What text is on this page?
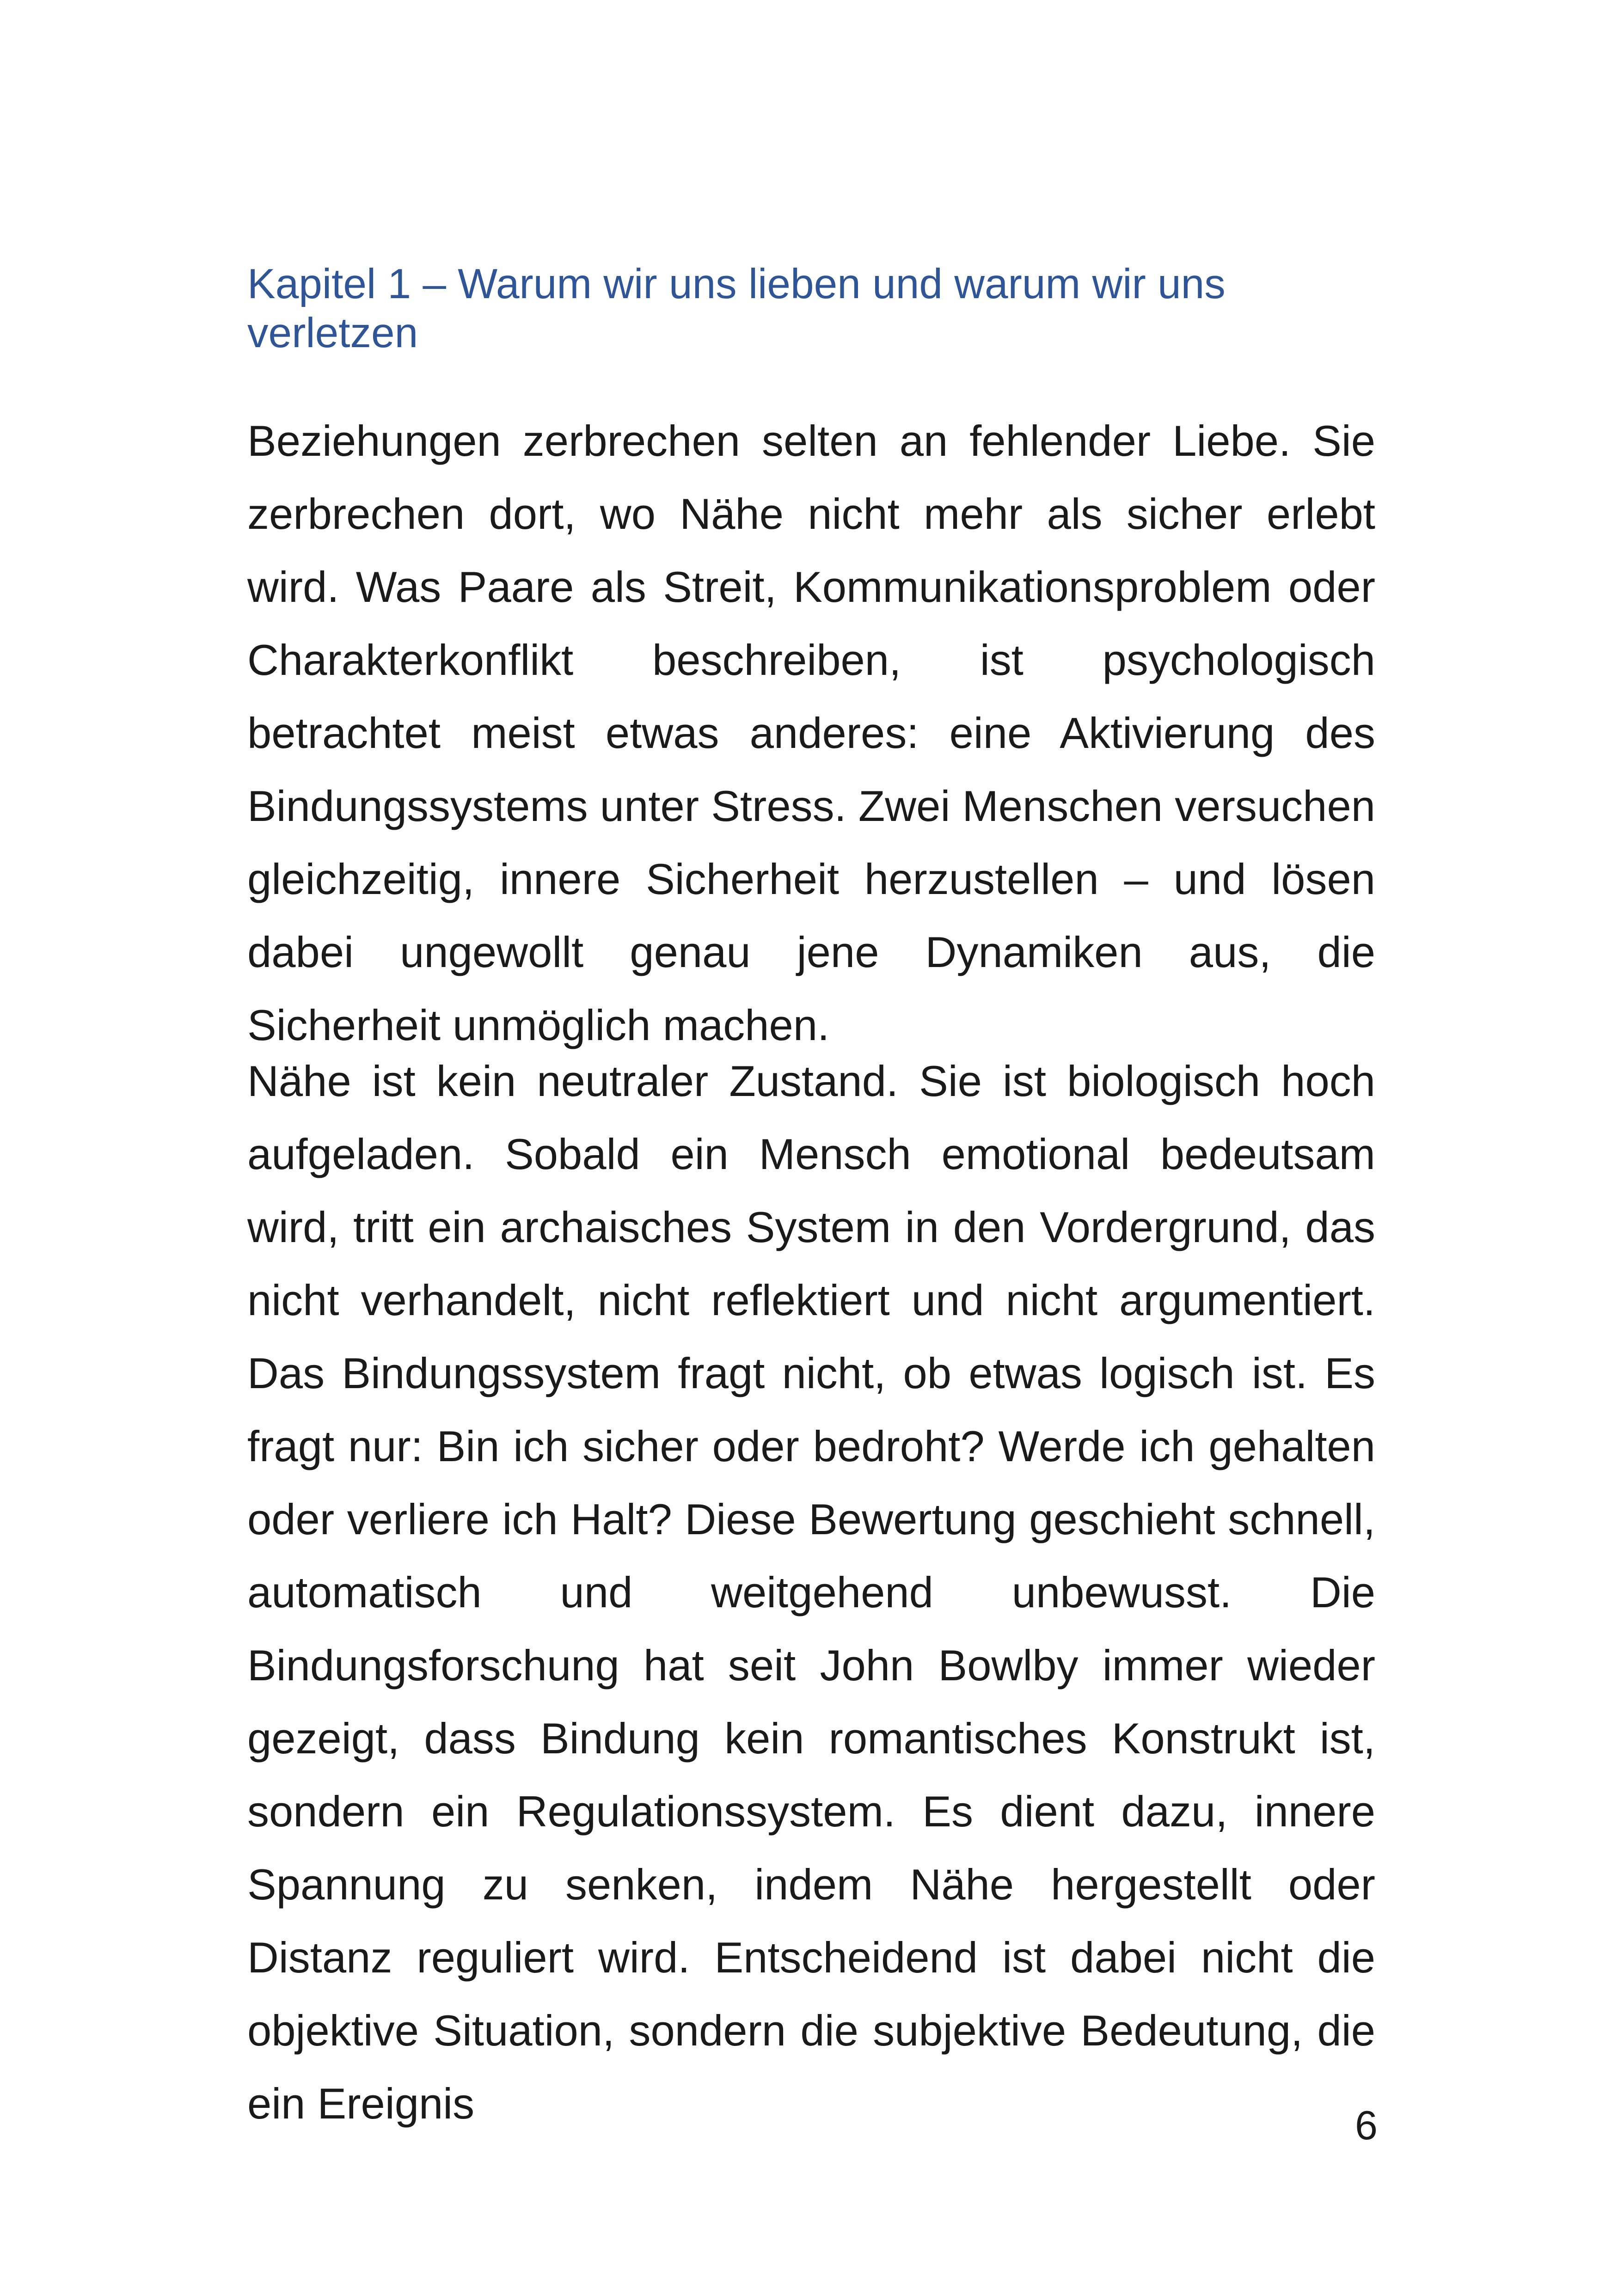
Kapitel 1 – Warum wir uns lieben und warum wir uns verletzen

Beziehungen zerbrechen selten an fehlender Liebe. Sie zerbrechen dort, wo Nähe nicht mehr als sicher erlebt wird. Was Paare als Streit, Kommunikationsproblem oder Charakterkonflikt beschreiben, ist psychologisch betrachtet meist etwas anderes: eine Aktivierung des Bindungssystems unter Stress. Zwei Menschen versuchen gleichzeitig, innere Sicherheit herzustellen – und lösen dabei ungewollt genau jene Dynamiken aus, die Sicherheit unmöglich machen.

Nähe ist kein neutraler Zustand. Sie ist biologisch hoch aufgeladen. Sobald ein Mensch emotional bedeutsam wird, tritt ein archaisches System in den Vordergrund, das nicht verhandelt, nicht reflektiert und nicht argumentiert. Das Bindungssystem fragt nicht, ob etwas logisch ist. Es fragt nur: Bin ich sicher oder bedroht? Werde ich gehalten oder verliere ich Halt? Diese Bewertung geschieht schnell, automatisch und weitgehend unbewusst. Die Bindungsforschung hat seit John Bowlby immer wieder gezeigt, dass Bindung kein romantisches Konstrukt ist, sondern ein Regulationssystem. Es dient dazu, innere Spannung zu senken, indem Nähe hergestellt oder Distanz reguliert wird. Entscheidend ist dabei nicht die objektive Situation, sondern die subjektive Bedeutung, die ein Ereignis	6
